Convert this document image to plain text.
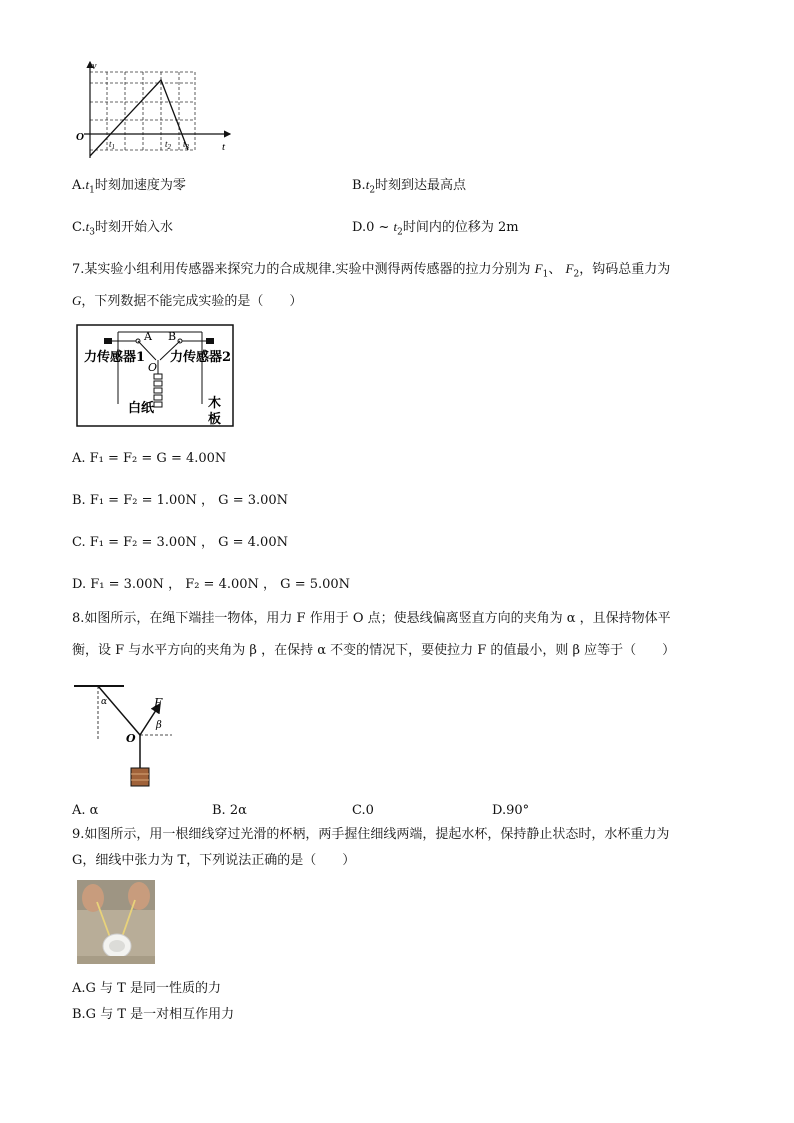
v
O
t
$t_1$	$t_2$ $t_3$
$A.t_1$时刻加速度为零	$B.t_2$时刻到达最高点
$C.t_3$时刻开始入水	D.0 ~ $t_2$时间内的位移为 2m
7.某实验小组利用传感器来探究力的合成规律.实验中测得两传感器的拉力分别为 $F_1$、 $F_2$，钩码总重力为
G，下列数据不能完成实验的是（　　）
A B
O
力传感器1 力传感器2
白纸	木
板
A. F₁ = F₂ = G = 4.00N
B. F₁ = F₂ = 1.00N ， G = 3.00N
C. F₁ = F₂ = 3.00N ， G = 4.00N
D. F₁ = 3.00N ， F₂ = 4.00N ， G = 5.00N
8.如图所示，在绳下端挂一物体，用力 F 作用于 O 点；使悬线偏离竖直方向的夹角为 α ，且保持物体平
衡，设 F 与水平方向的夹角为 β ，在保持 α 不变的情况下，要使拉力 F 的值最小，则 β 应等于（　　）
α	F
β
O
A. α	B. 2α	C.0	D.90°
9.如图所示，用一根细线穿过光滑的杯柄，两手握住细线两端，提起水杯，保持静止状态时，水杯重力为
G，细线中张力为 T，下列说法正确的是（　　）
A.G 与 T 是同一性质的力
B.G 与 T 是一对相互作用力
